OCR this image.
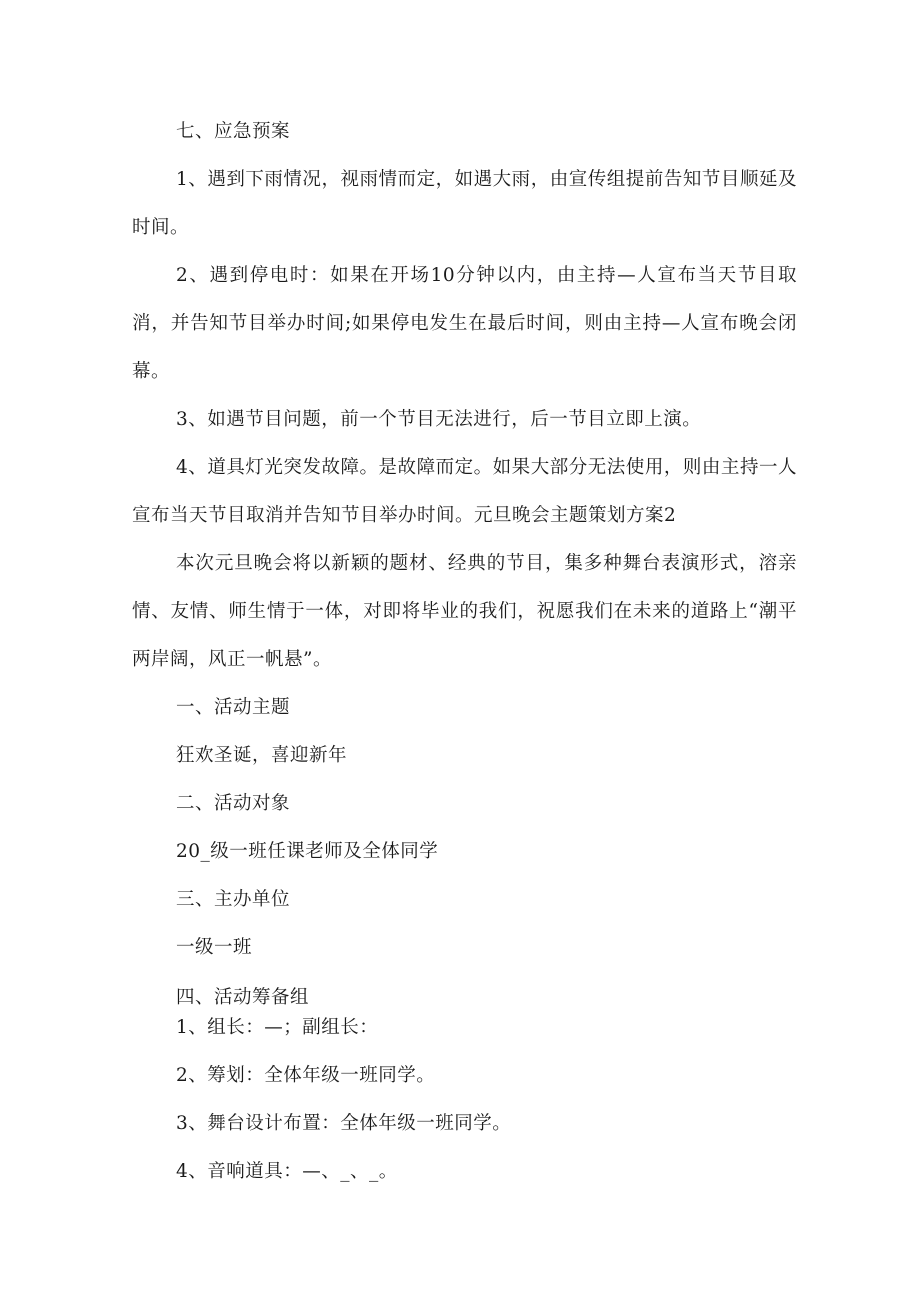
七、应急预案

1、遇到下雨情况，视雨情而定，如遇大雨，由宣传组提前告知节目顺延及时间。

2、遇到停电时：如果在开场10分钟以内，由主持—人宣布当天节目取消，并告知节目举办时间;如果停电发生在最后时间，则由主持—人宣布晚会闭幕。

3、如遇节目问题，前一个节目无法进行，后一节目立即上演。

4、道具灯光突发故障。是故障而定。如果大部分无法使用，则由主持一人宣布当天节目取消并告知节目举办时间。元旦晚会主题策划方案2

本次元旦晚会将以新颖的题材、经典的节目，集多种舞台表演形式，溶亲情、友情、师生情于一体，对即将毕业的我们，祝愿我们在未来的道路上“潮平两岸阔，风正一帆悬”。

一、活动主题

狂欢圣诞，喜迎新年

二、活动对象

20_级一班任课老师及全体同学

三、主办单位

一级一班

四、活动筹备组

1、组长：—；副组长：

2、筹划：全体年级一班同学。

3、舞台设计布置：全体年级一班同学。

4、音响道具：—、_、_。
